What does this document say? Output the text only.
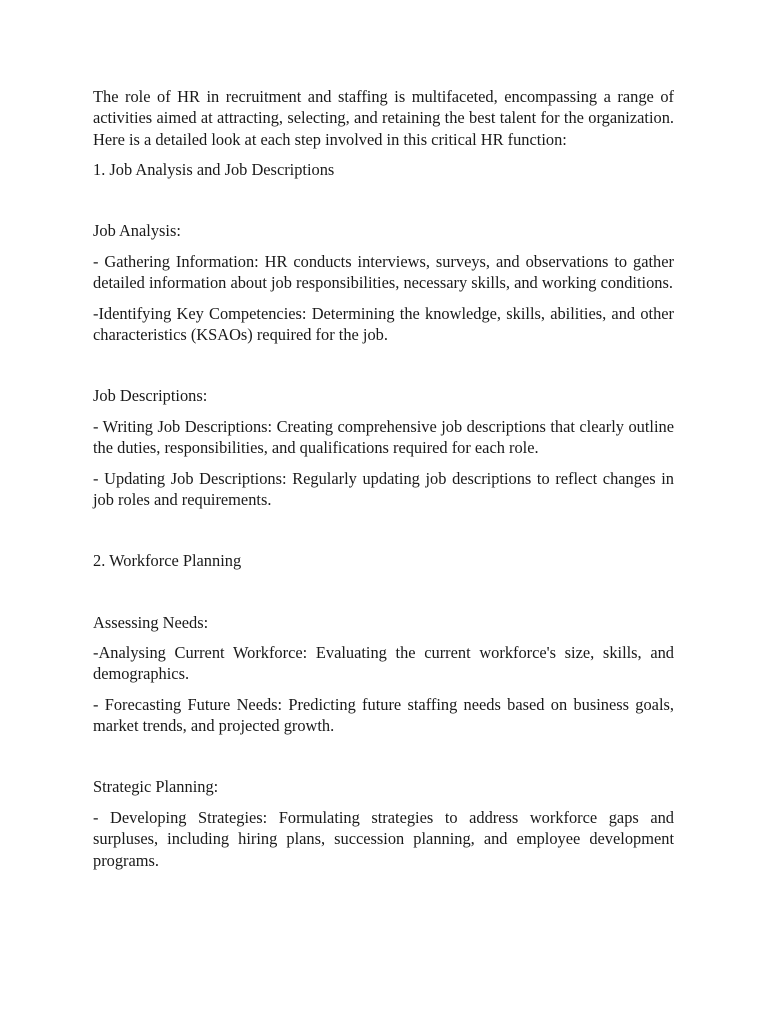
The role of HR in recruitment and staffing is multifaceted, encompassing a range of activities aimed at attracting, selecting, and retaining the best talent for the organization. Here is a detailed look at each step involved in this critical HR function:

1. Job Analysis and Job Descriptions

Job Analysis:

- Gathering Information: HR conducts interviews, surveys, and observations to gather detailed information about job responsibilities, necessary skills, and working conditions.

-Identifying Key Competencies: Determining the knowledge, skills, abilities, and other characteristics (KSAOs) required for the job.

Job Descriptions:

- Writing Job Descriptions: Creating comprehensive job descriptions that clearly outline the duties, responsibilities, and qualifications required for each role.

- Updating Job Descriptions: Regularly updating job descriptions to reflect changes in job roles and requirements.

2. Workforce Planning

Assessing Needs:

-Analysing Current Workforce: Evaluating the current workforce's size, skills, and demographics.

- Forecasting Future Needs: Predicting future staffing needs based on business goals, market trends, and projected growth.

Strategic Planning:

- Developing Strategies: Formulating strategies to address workforce gaps and surpluses, including hiring plans, succession planning, and employee development programs.
